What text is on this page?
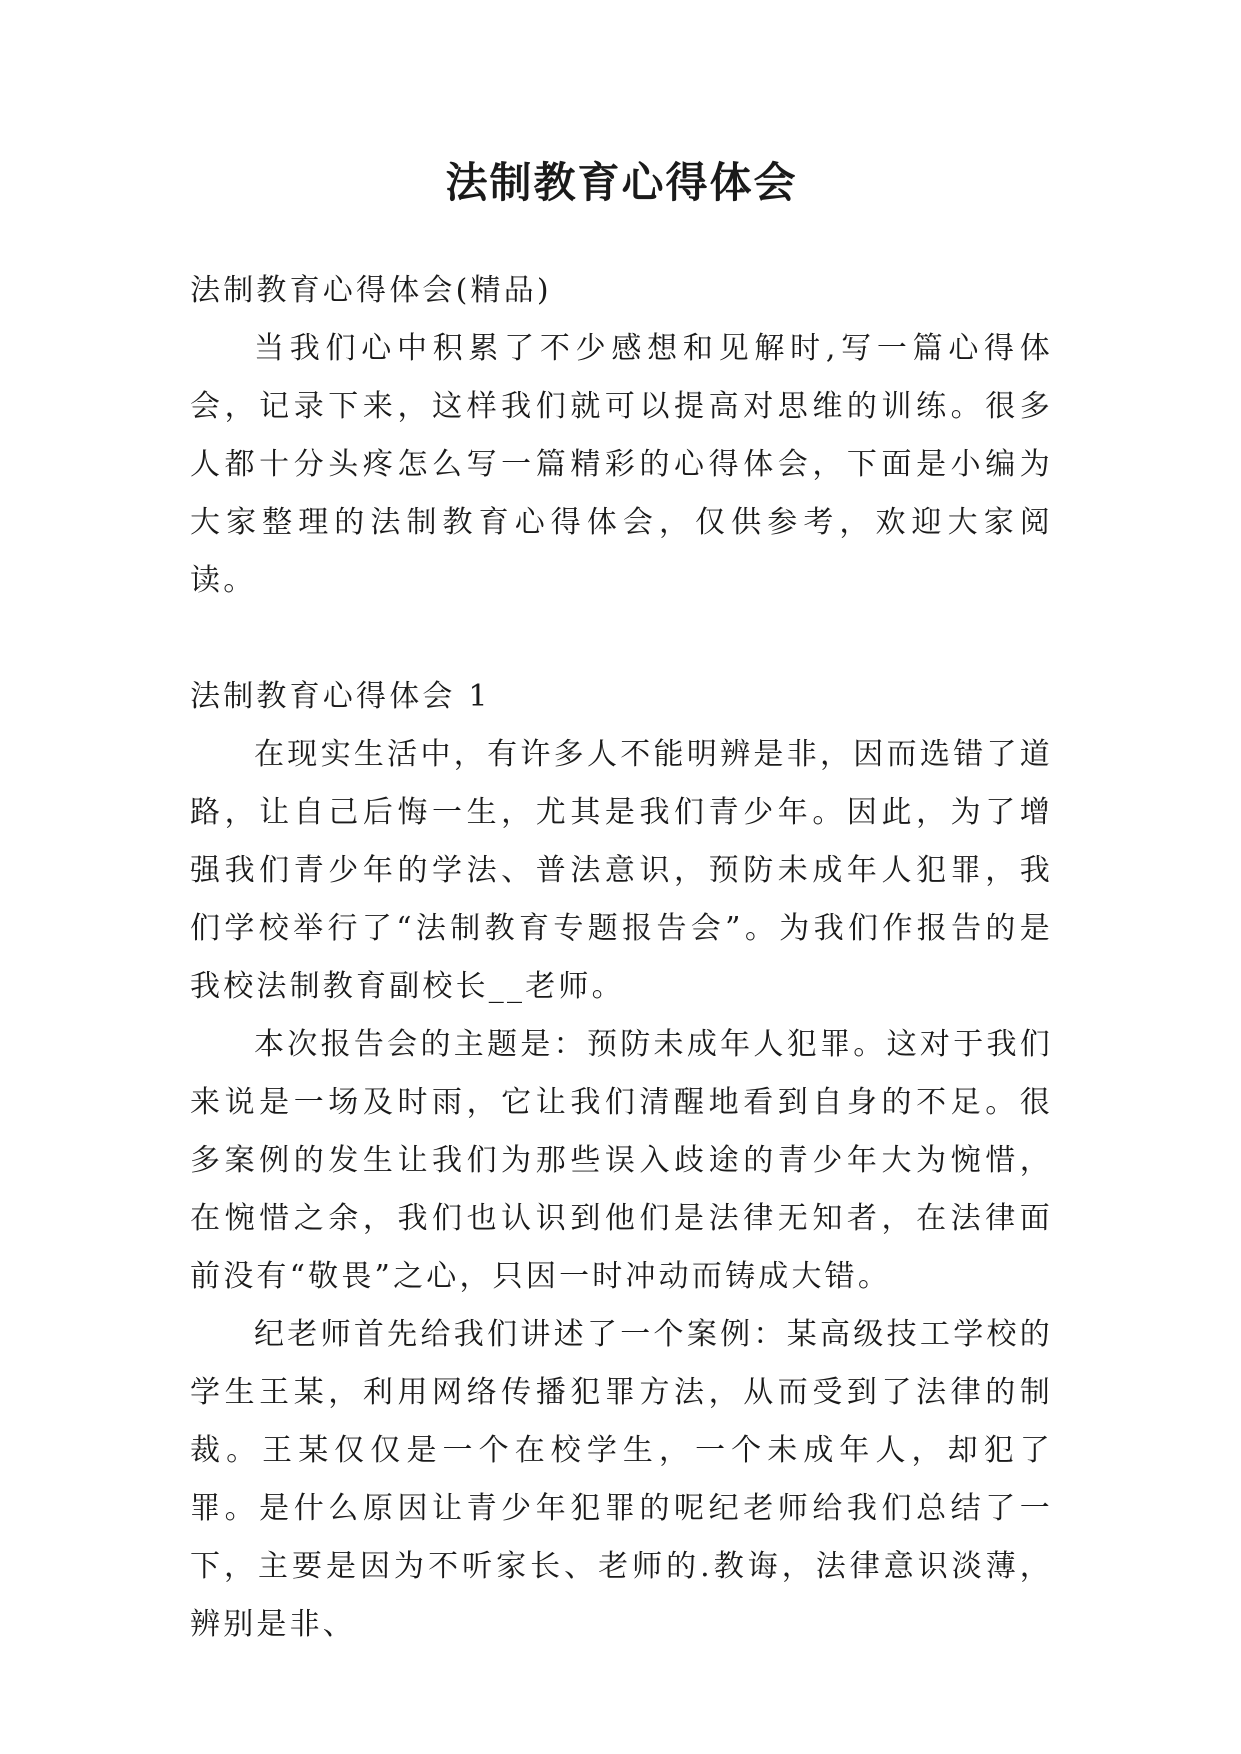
法制教育心得体会

法制教育心得体会(精品)

当我们心中积累了不少感想和见解时,写一篇心得体会，记录下来，这样我们就可以提高对思维的训练。很多人都十分头疼怎么写一篇精彩的心得体会，下面是小编为大家整理的法制教育心得体会，仅供参考，欢迎大家阅读。

法制教育心得体会 1

在现实生活中，有许多人不能明辨是非，因而选错了道路，让自己后悔一生，尤其是我们青少年。因此，为了增强我们青少年的学法、普法意识，预防未成年人犯罪，我们学校举行了“法制教育专题报告会”。为我们作报告的是我校法制教育副校长__老师。

本次报告会的主题是：预防未成年人犯罪。这对于我们来说是一场及时雨，它让我们清醒地看到自身的不足。很多案例的发生让我们为那些误入歧途的青少年大为惋惜，在惋惜之余，我们也认识到他们是法律无知者，在法律面前没有“敬畏”之心，只因一时冲动而铸成大错。

纪老师首先给我们讲述了一个案例：某高级技工学校的学生王某，利用网络传播犯罪方法，从而受到了法律的制裁。王某仅仅是一个在校学生，一个未成年人，却犯了罪。是什么原因让青少年犯罪的呢纪老师给我们总结了一下，主要是因为不听家长、老师的.教诲，法律意识淡薄，辨别是非、
